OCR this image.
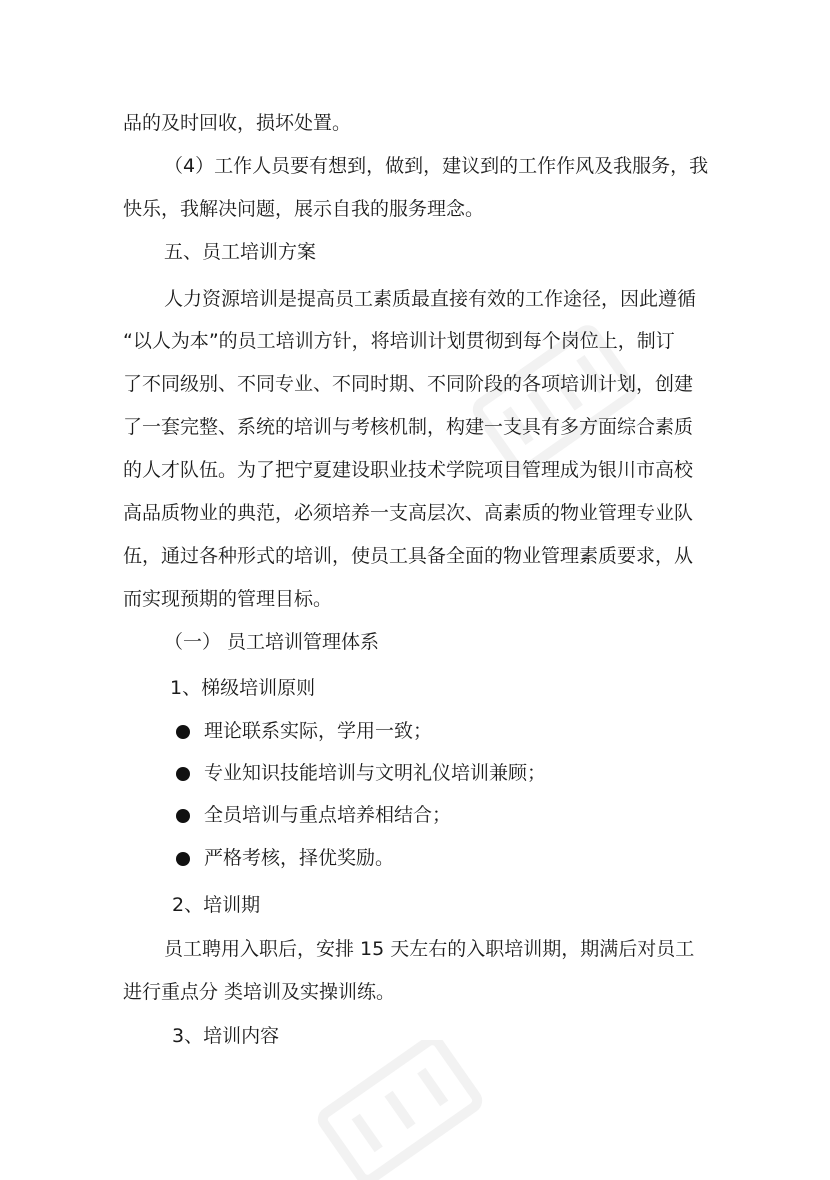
品的及时回收，损坏处置。
（4）工作人员要有想到，做到，建议到的工作作风及我服务，我
快乐，我解决问题，展示自我的服务理念。
五、员工培训方案
人力资源培训是提高员工素质最直接有效的工作途径，因此遵循
“以人为本”的员工培训方针，将培训计划贯彻到每个岗位上，制订
了不同级别、不同专业、不同时期、不同阶段的各项培训计划，创建
了一套完整、系统的培训与考核机制，构建一支具有多方面综合素质
的人才队伍。为了把宁夏建设职业技术学院项目管理成为银川市高校
高品质物业的典范，必须培养一支高层次、高素质的物业管理专业队
伍，通过各种形式的培训，使员工具备全面的物业管理素质要求，从
而实现预期的管理目标。
（一） 员工培训管理体系
1、梯级培训原则
理论联系实际，学用一致；
专业知识技能培训与文明礼仪培训兼顾；
全员培训与重点培养相结合；
严格考核，择优奖励。
2、培训期
员工聘用入职后，安排 15 天左右的入职培训期，期满后对员工
进行重点分 类培训及实操训练。
3、培训内容
